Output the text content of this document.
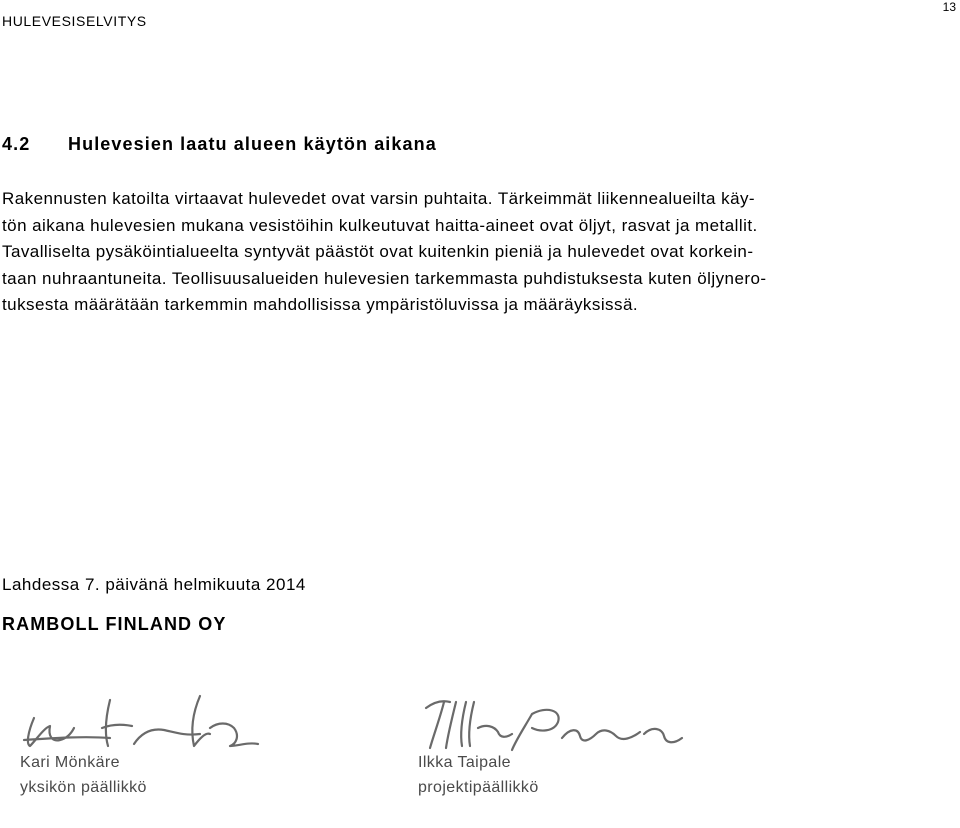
HULEVESISELVITYS
13
4.2 Hulevesien laatu alueen käytön aikana
Rakennusten katoilta virtaavat hulevedet ovat varsin puhtaita. Tärkeimmät liikennealueilta käy-
tön aikana hulevesien mukana vesistöihin kulkeutuvat haitta-aineet ovat öljyt, rasvat ja metallit.
Tavalliselta pysäköintialueelta syntyvät päästöt ovat kuitenkin pieniä ja hulevedet ovat korkein-
taan nuhraantuneita. Teollisuusalueiden hulevesien tarkemmasta puhdistuksesta kuten öljynero-
tuksesta määrätään tarkemmin mahdollisissa ympäristöluvissa ja määräyksissä.
Lahdessa 7. päivänä helmikuuta 2014
RAMBOLL FINLAND OY
Kari Mönkäre
yksikön päällikkö
Ilkka Taipale
projektipäällikkö
